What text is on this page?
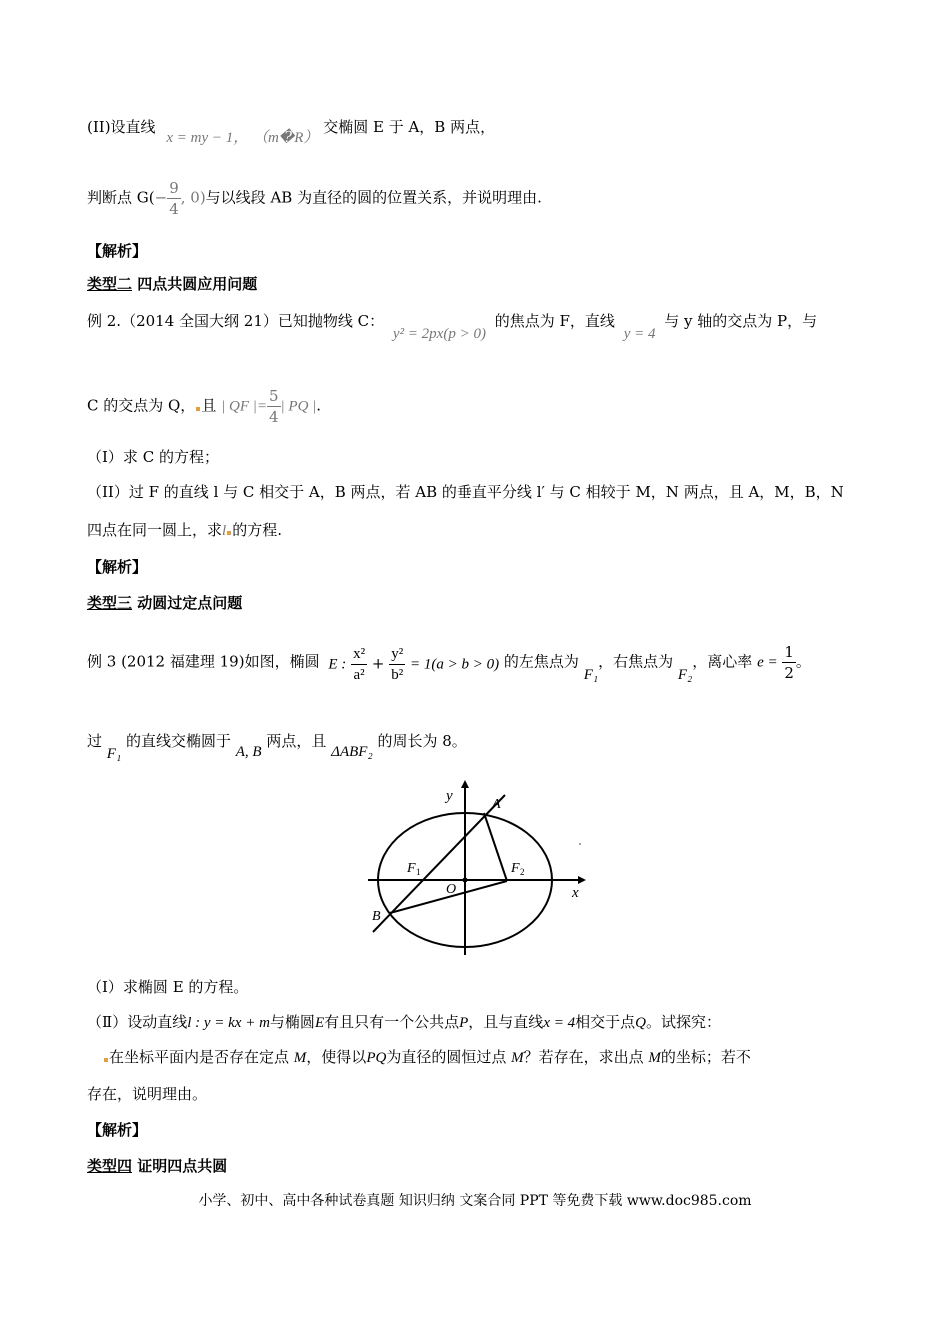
(II)设直线 x = my − 1， （m�R） 交椭圆 E 于 A，B 两点，
判断点 $G(- \frac{9}{4}$ , 0)与以线段 AB 为直径的圆的位置关系，并说明理由.
【解析】
类型二 四点共圆应用问题
例 2.（2014 全国大纲 21）已知抛物线 C： y² = 2px(p > 0) 的焦点为 F，直线 y = 4 与 y 轴的交点为 P，与
C 的交点为 Q， 且 | QF |= $\frac{5}{4}$ | PQ |.
（I）求 C 的方程；
（II）过 F 的直线 l 与 C 相交于 A，B 两点，若 AB 的垂直平分线 l′ 与 C 相较于 M，N 两点，且 A，M，B，N
四点在同一圆上，求l 的方程.
【解析】
类型三 动圆过定点问题
例 3 (2012 福建理 19)如图，椭圆 E : $\frac{\text{x²}}{\text{a²}} + \frac{\text{y²}}{\text{b²}} = 1(a > b > 0)$ 的左焦点为 F₁，右焦点为 F₂，离心率 $e = \frac{1}{2}$ 。
过 F₁ 的直线交椭圆于 A, B 两点，且 ΔABF₂ 的周长为 8。
y
A
F 1	F 2
O	x
B
（Ⅰ）求椭圆 E 的方程。
（Ⅱ）设动直线l : y = kx + m与椭圆E有且只有一个公共点P，且与直线x = 4相交于点Q。试探究：
在坐标平面内是否存在定点 M，使得以PQ为直径的圆恒过点 M？若存在，求出点 M的坐标；若不
存在，说明理由。
【解析】
类型四 证明四点共圆
小学、初中、高中各种试卷真题 知识归纳 文案合同 PPT 等免费下载 www.doc985.com
